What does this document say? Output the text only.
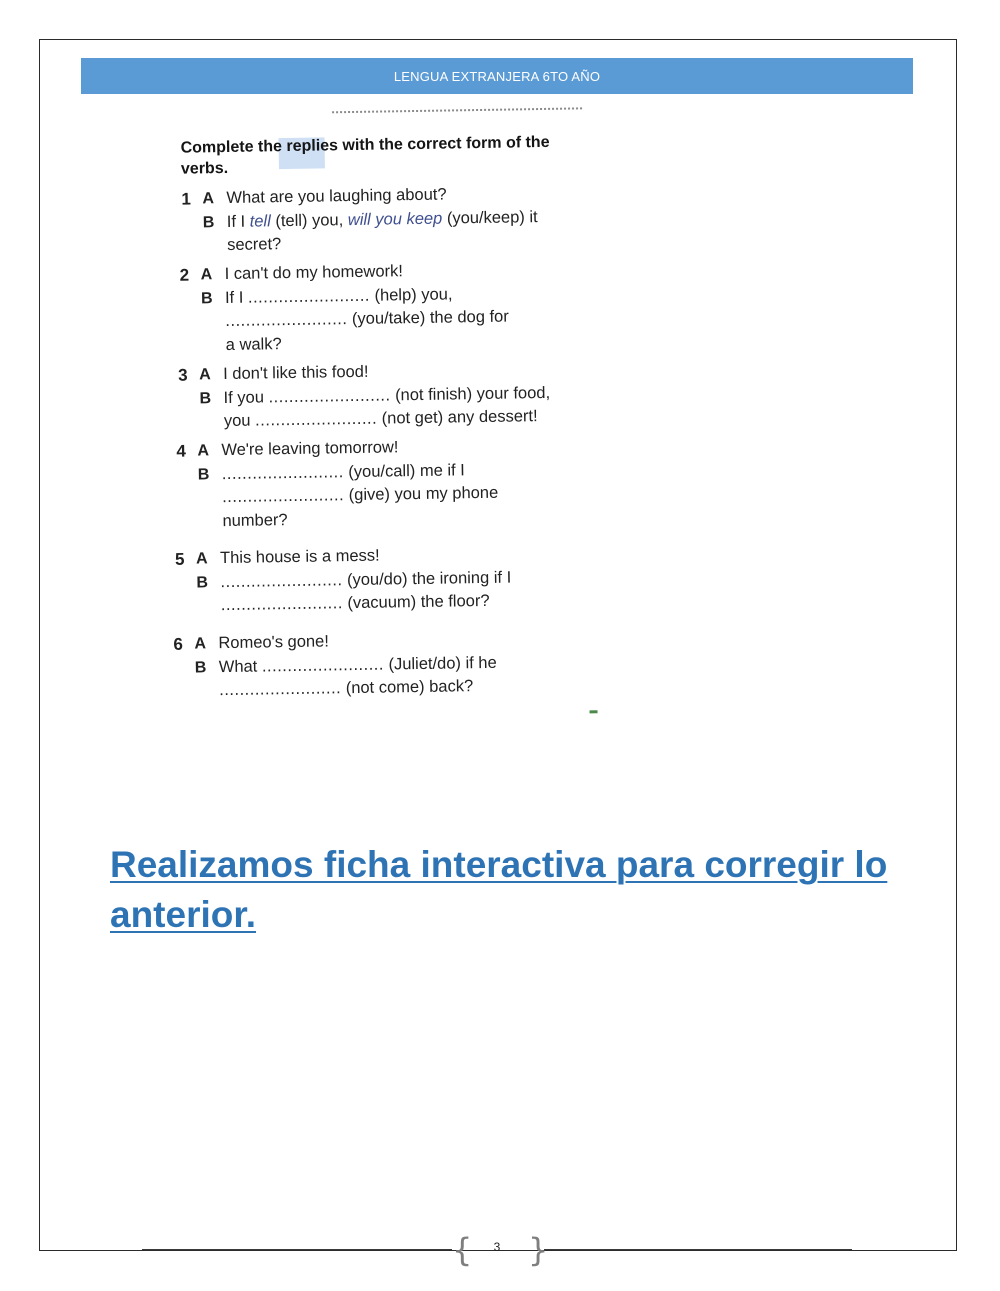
LENGUA EXTRANJERA 6TO AÑO
Complete the replies with the correct form of the verbs.
1 A What are you laughing about?
B If I tell (tell) you, will you keep (you/keep) it
secret?
2 A I can't do my homework!
B If I ........................ (help) you,
........................ (you/take) the dog for
a walk?
3 A I don't like this food!
B If you ........................ (not finish) your food,
you ........................ (not get) any dessert!
4 A We're leaving tomorrow!
B ........................ (you/call) me if I
........................ (give) you my phone
number?
5 A This house is a mess!
B ........................ (you/do) the ironing if I
........................ (vacuum) the floor?
6 A Romeo's gone!
B What ........................ (Juliet/do) if he
........................ (not come) back?
Realizamos ficha interactiva para corregir lo anterior.
{ }
3
